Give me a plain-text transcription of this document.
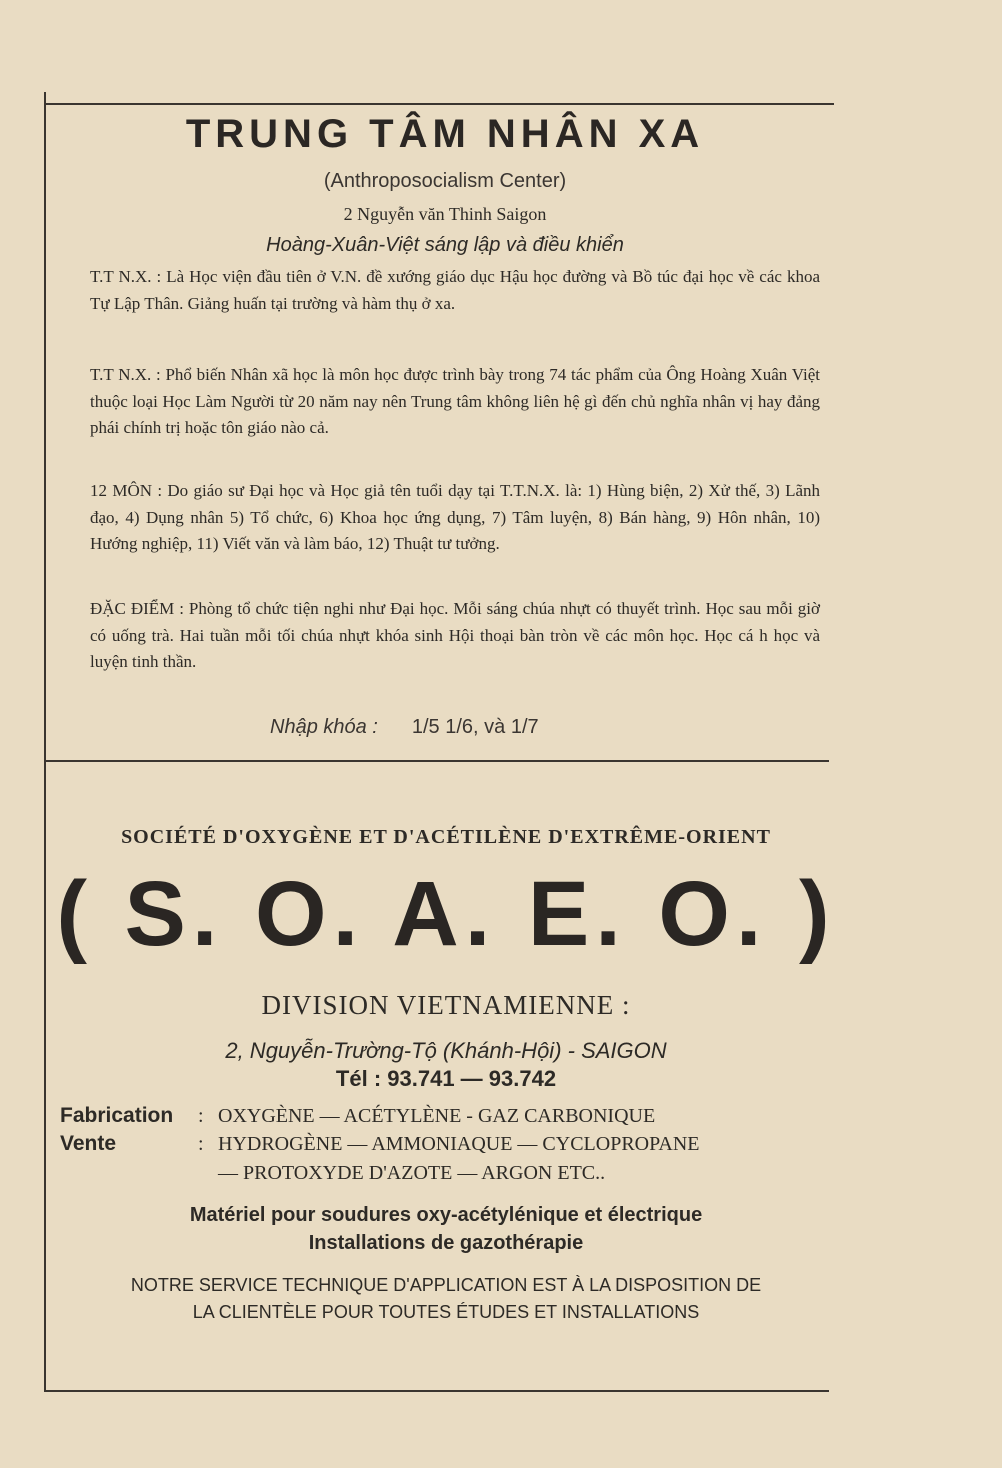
TRUNG TÂM NHÂN XA
(Anthroposocialism Center)
2 Nguyễn văn Thinh Saigon
Hoàng-Xuân-Việt sáng lập và điều khiển
T.T N.X. : Là Học viện đầu tiên ở V.N. đề xướng giáo dục Hậu học đường và Bồ túc đại học về các khoa Tự Lập Thân. Giảng huấn tại trường và hàm thụ ở xa.
T.T N.X. : Phổ biến Nhân xã học là môn học được trình bày trong 74 tác phẩm của Ông Hoàng Xuân Việt thuộc loại Học Làm Người từ 20 năm nay nên Trung tâm không liên hệ gì đến chủ nghĩa nhân vị hay đảng phái chính trị hoặc tôn giáo nào cả.
12 MÔN : Do giáo sư Đại học và Học giả tên tuổi dạy tại T.T.N.X. là: 1) Hùng biện, 2) Xử thế, 3) Lãnh đạo, 4) Dụng nhân 5) Tổ chức, 6) Khoa học ứng dụng, 7) Tâm luyện, 8) Bán hàng, 9) Hôn nhân, 10) Hướng nghiệp, 11) Viết văn và làm báo, 12) Thuật tư tưởng.
ĐẶC ĐIỂM : Phòng tổ chức tiện nghi như Đại học. Mỗi sáng chúa nhựt có thuyết trình. Học sau mỗi giờ có uống trà. Hai tuần mỗi tối chúa nhựt khóa sinh Hội thoại bàn tròn về các môn học. Học cá h học và luyện tinh thần.
Nhập khóa : 1/5 1/6, và 1/7
SOCIÉTÉ D'OXYGÈNE ET D'ACÉTILÈNE D'EXTRÊME-ORIENT
( S. O. A. E. O. )
DIVISION VIETNAMIENNE :
2, Nguyễn-Trường-Tộ (Khánh-Hội) - SAIGON
Tél : 93.741 — 93.742
Fabrication : OXYGÈNE — ACÉTYLÈNE - GAZ CARBONIQUE
Vente	: HYDROGÈNE — AMMONIAQUE — CYCLOPROPANE
— PROTOXYDE D'AZOTE — ARGON ETC..
Matériel pour soudures oxy-acétylénique et électrique
Installations de gazothérapie
NOTRE SERVICE TECHNIQUE D'APPLICATION EST À LA DISPOSITION DE
LA CLIENTÈLE POUR TOUTES ÉTUDES ET INSTALLATIONS
